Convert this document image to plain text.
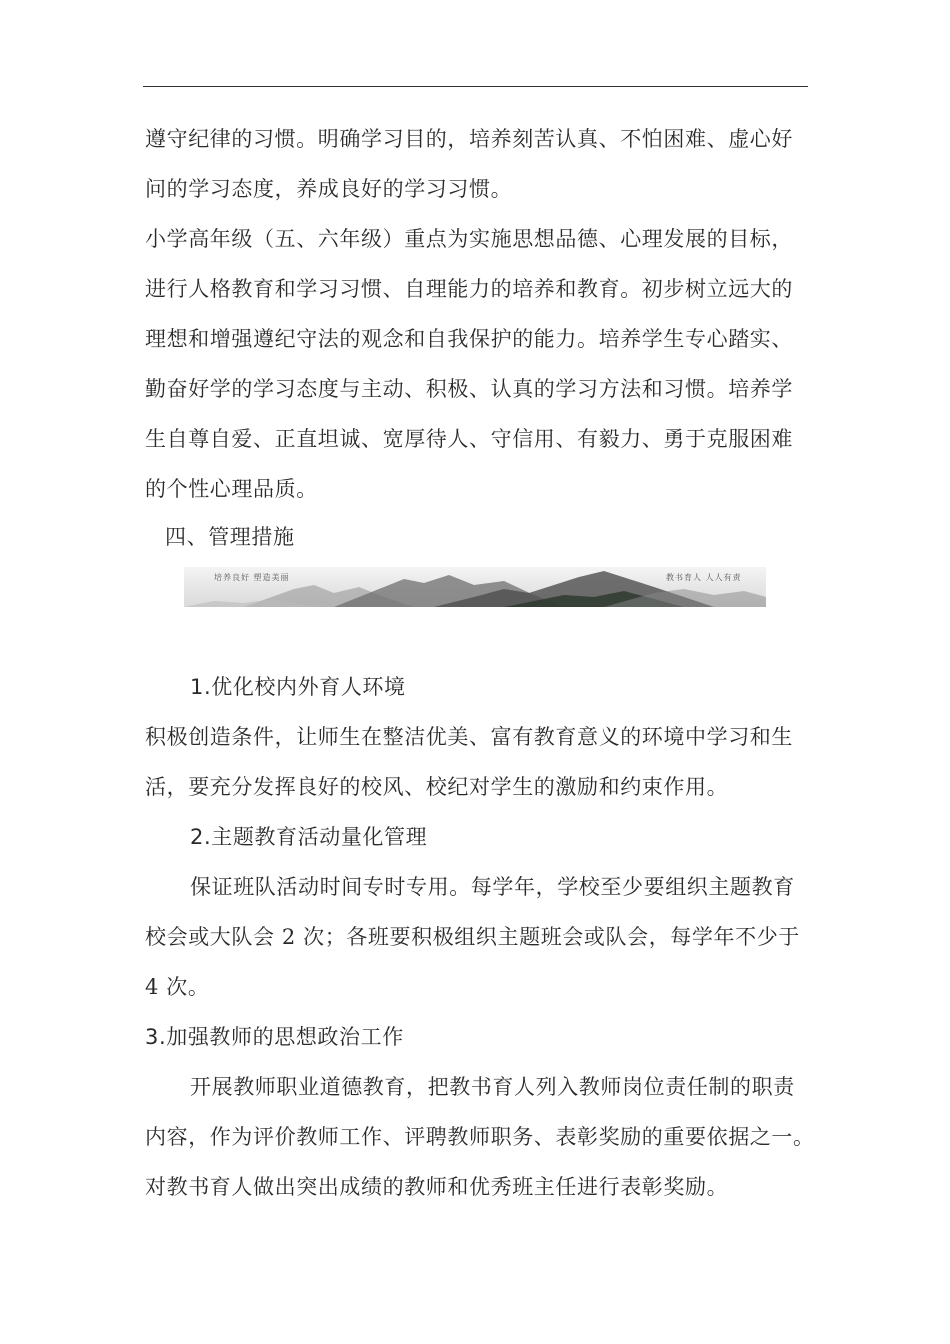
遵守纪律的习惯。明确学习目的，培养刻苦认真、不怕困难、虚心好
问的学习态度，养成良好的学习习惯。
小学高年级（五、六年级）重点为实施思想品德、心理发展的目标，
进行人格教育和学习习惯、自理能力的培养和教育。初步树立远大的
理想和增强遵纪守法的观念和自我保护的能力。培养学生专心踏实、
勤奋好学的学习态度与主动、积极、认真的学习方法和习惯。培养学
生自尊自爱、正直坦诚、宽厚待人、守信用、有毅力、勇于克服困难
的个性心理品质。
四、管理措施
培养良好 塑造美丽	教书育人 人人有责
1.优化校内外育人环境
积极创造条件，让师生在整洁优美、富有教育意义的环境中学习和生
活，要充分发挥良好的校风、校纪对学生的激励和约束作用。
2.主题教育活动量化管理
保证班队活动时间专时专用。每学年，学校至少要组织主题教育
校会或大队会 2 次；各班要积极组织主题班会或队会，每学年不少于
4 次。
3.加强教师的思想政治工作
开展教师职业道德教育，把教书育人列入教师岗位责任制的职责
内容，作为评价教师工作、评聘教师职务、表彰奖励的重要依据之一。
对教书育人做出突出成绩的教师和优秀班主任进行表彰奖励。
